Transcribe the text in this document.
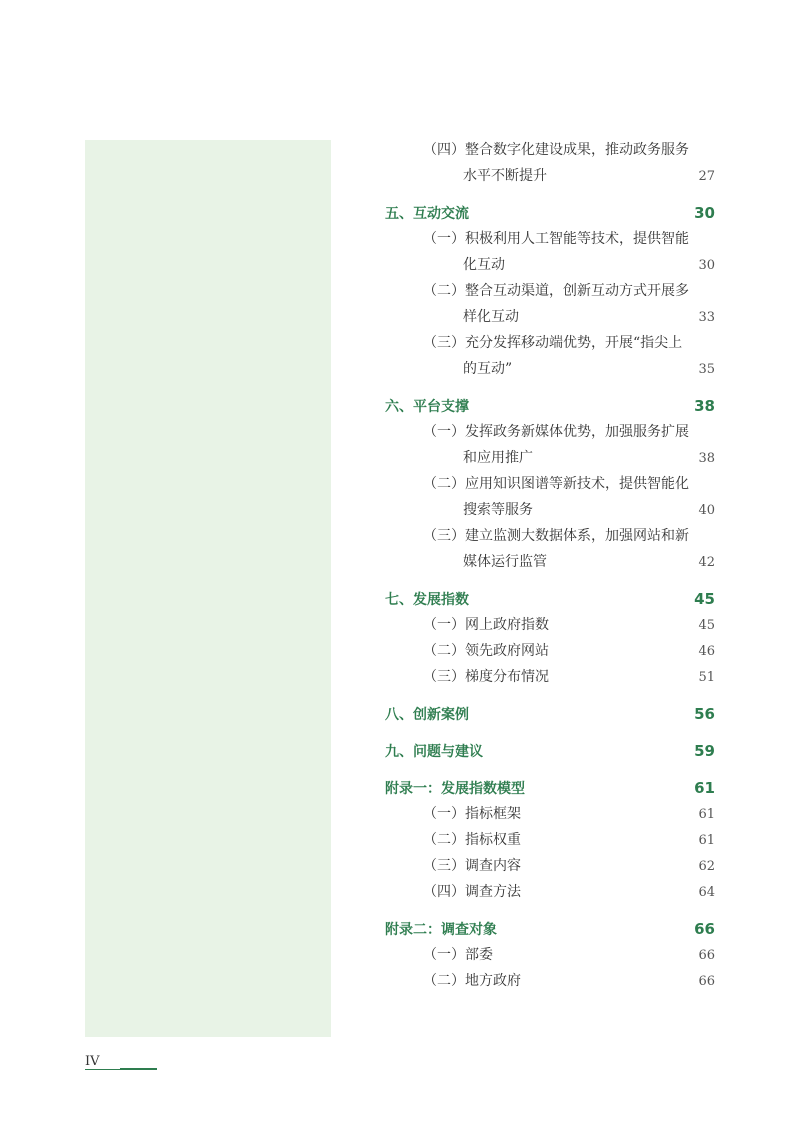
（四）整合数字化建设成果，推动政务服务
水平不断提升	27
五、互动交流	30
（一）积极利用人工智能等技术，提供智能
化互动	30
（二）整合互动渠道，创新互动方式开展多
样化互动	33
（三）充分发挥移动端优势，开展“指尖上
的互动”	35
六、平台支撑	38
（一）发挥政务新媒体优势，加强服务扩展
和应用推广	38
（二）应用知识图谱等新技术，提供智能化
搜索等服务	40
（三）建立监测大数据体系，加强网站和新
媒体运行监管	42
七、发展指数	45
（一）网上政府指数	45
（二）领先政府网站	46
（三）梯度分布情况	51
八、创新案例	56
九、问题与建议	59
附录一：发展指数模型	61
（一）指标框架	61
（二）指标权重	61
（三）调查内容	62
（四）调查方法	64
附录二：调查对象	66
（一）部委	66
（二）地方政府	66
IV
